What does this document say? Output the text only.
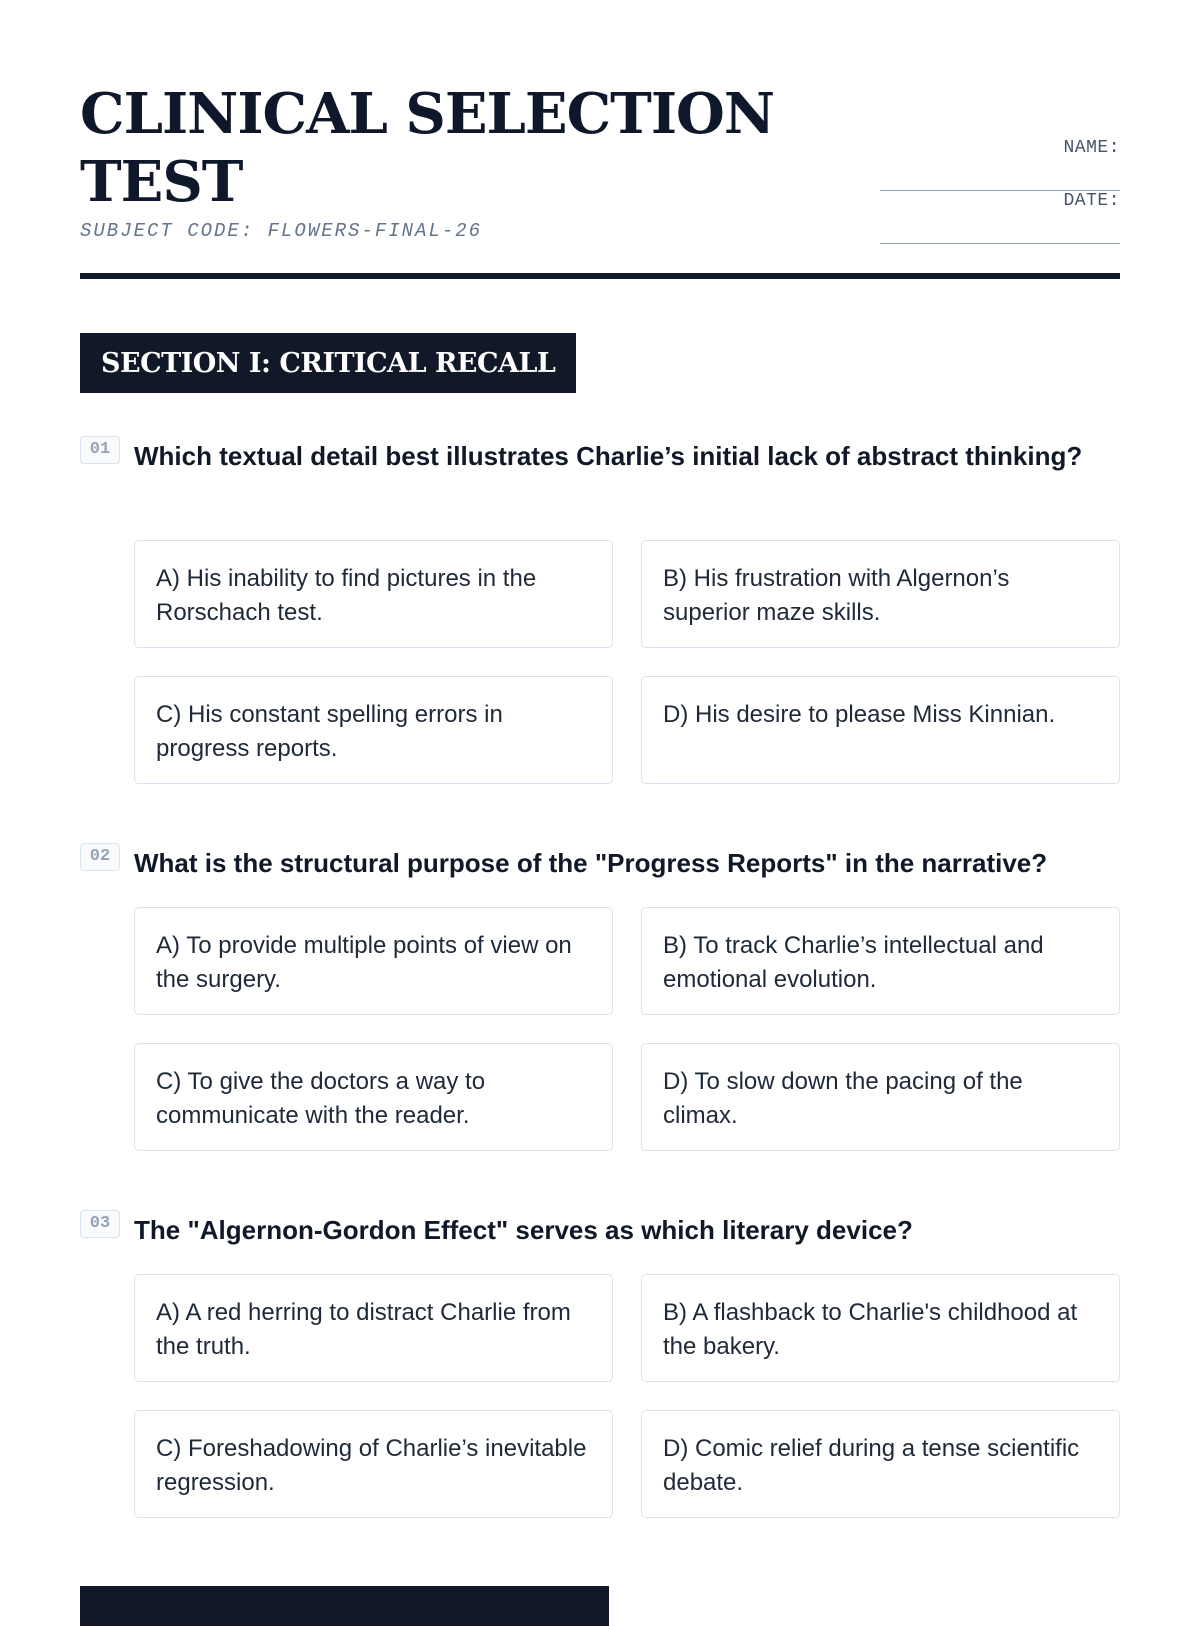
CLINICAL SELECTION TEST
SUBJECT CODE: FLOWERS-FINAL-26
NAME:
DATE:
SECTION I: CRITICAL RECALL
01 Which textual detail best illustrates Charlie’s initial lack of abstract thinking?

A) His inability to find pictures in the Rorschach test.
B) His frustration with Algernon’s superior maze skills.
C) His constant spelling errors in progress reports.
D) His desire to please Miss Kinnian.
02 What is the structural purpose of the "Progress Reports" in the narrative?

A) To provide multiple points of view on the surgery.
B) To track Charlie’s intellectual and emotional evolution.
C) To give the doctors a way to communicate with the reader.
D) To slow down the pacing of the climax.
03 The "Algernon-Gordon Effect" serves as which literary device?

A) A red herring to distract Charlie from the truth.
B) A flashback to Charlie's childhood at the bakery.
C) Foreshadowing of Charlie’s inevitable regression.
D) Comic relief during a tense scientific debate.
